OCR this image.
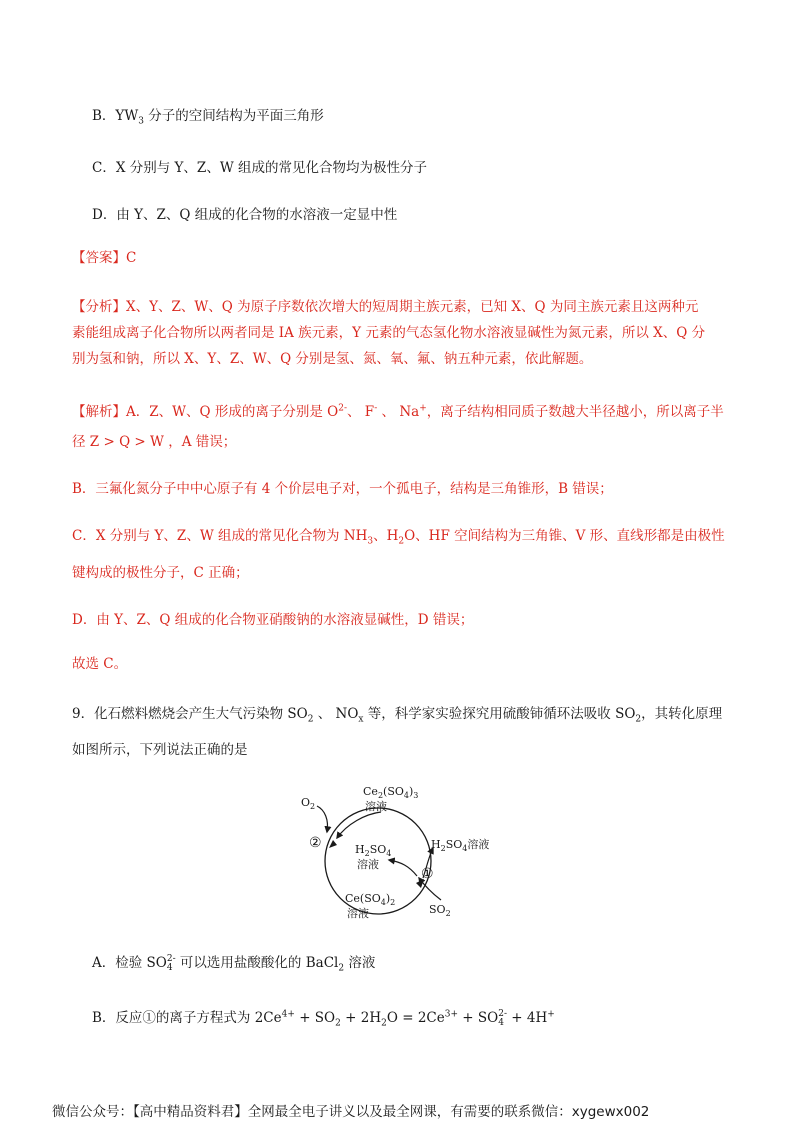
B．$YW_3$ 分子的空间结构为平面三角形
C．X 分别与 Y、Z、W 组成的常见化合物均为极性分子
D．由 Y、Z、Q 组成的化合物的水溶液一定显中性
【答案】C
【分析】X、Y、Z、W、Q 为原子序数依次增大的短周期主族元素，已知 X、Q 为同主族元素且这两种元
素能组成离子化合物所以两者同是 IA 族元素，Y 元素的气态氢化物水溶液显碱性为氮元素，所以 X、Q 分
别为氢和钠，所以 X、Y、Z、W、Q 分别是氢、氮、氧、氟、钠五种元素，依此解题。
【解析】A．Z、W、Q 形成的离子分别是 $O^{2-}$、 F- 、 Na+，离子结构相同质子数越大半径越小，所以离子半
径 Z > Q > W ，A 错误；
B．三氟化氮分子中中心原子有 4 个价层电子对，一个孤电子，结构是三角锥形，B 错误；
C．X 分别与 Y、Z、W 组成的常见化合物为 $NH_3$、$H_2O$、HF 空间结构为三角锥、V 形、直线形都是由极性
键构成的极性分子，C 正确；
D．由 Y、Z、Q 组成的化合物亚硝酸钠的水溶液显碱性，D 错误；
故选 C。
9．化石燃料燃烧会产生大气污染物 $SO_2$ 、 $NO_x$ 等，科学家实验探究用硫酸铈循环法吸收 $SO_2$，其转化原理
如图所示，下列说法正确的是
$Ce_2(SO_4)_3$
溶液
$O_2$
②	$H_2SO_4$
溶液
$H_2SO_4$溶液
①
$Ce(SO_4)_2$
溶液	$SO_2$
A．检验 SO 2-
4 可以选用盐酸酸化的 BaCl$_2$ 溶液
B．反应①的离子方程式为 $2Ce^{4+} + SO_2 + 2H_2O = 2Ce^{3+}$ + SO 2-
4 + 4H+
微信公众号：【高中精品资料君】全网最全电子讲义以及最全网课，有需要的联系微信：xygewx002
